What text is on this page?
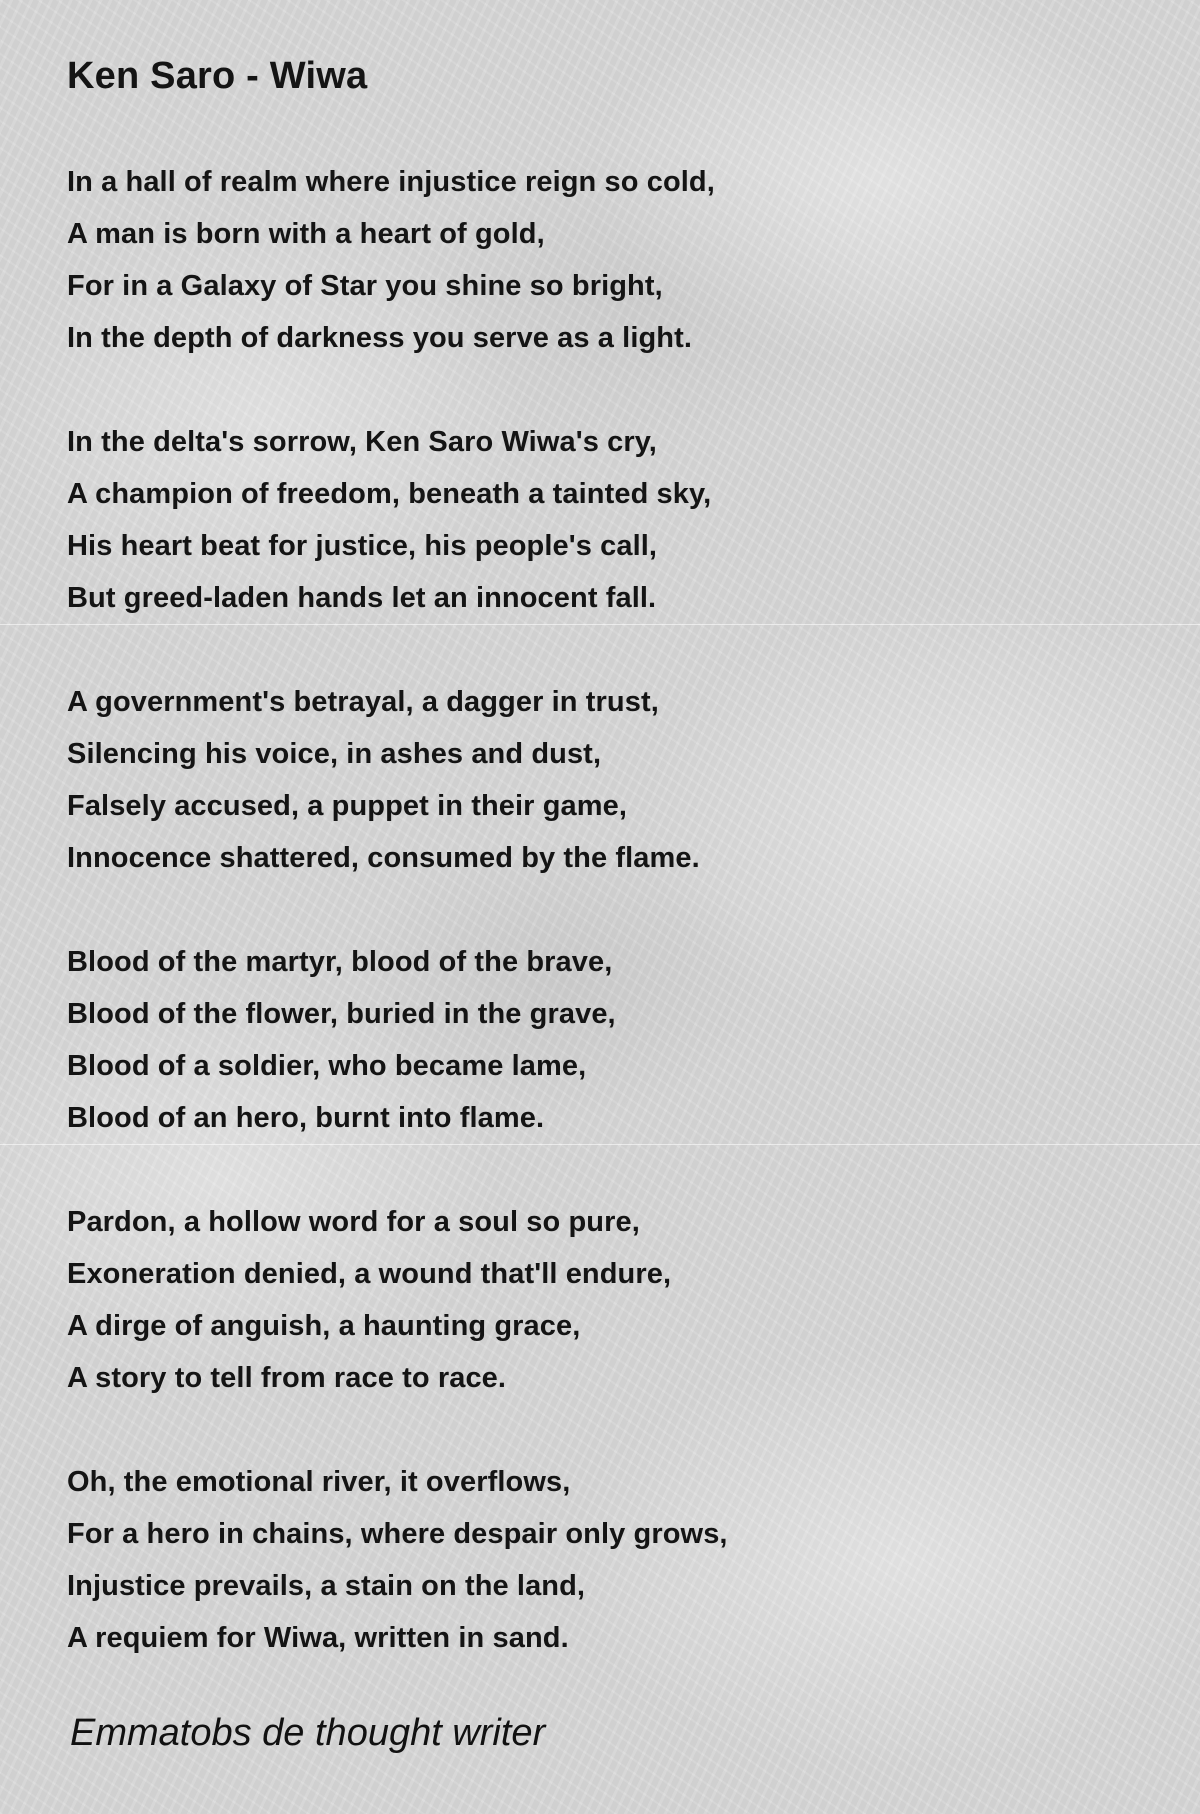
Ken Saro - Wiwa
In a hall of realm where injustice reign so cold,
A man is born with a heart of gold,
For in a Galaxy of Star you shine so bright,
In the depth of darkness you serve as a light.
In the delta's sorrow, Ken Saro Wiwa's cry,
A champion of freedom, beneath a tainted sky,
His heart beat for justice, his people's call,
But greed-laden hands let an innocent fall.
A government's betrayal, a dagger in trust,
Silencing his voice, in ashes and dust,
Falsely accused, a puppet in their game,
Innocence shattered, consumed by the flame.
Blood of the martyr, blood of the brave,
Blood of the flower, buried in the grave,
Blood of a soldier, who became lame,
Blood of an hero, burnt into flame.
Pardon, a hollow word for a soul so pure,
Exoneration denied, a wound that'll endure,
A dirge of anguish, a haunting grace,
A story to tell from race to race.
Oh, the emotional river, it overflows,
For a hero in chains, where despair only grows,
Injustice prevails, a stain on the land,
A requiem for Wiwa, written in sand.
Emmatobs de thought writer
